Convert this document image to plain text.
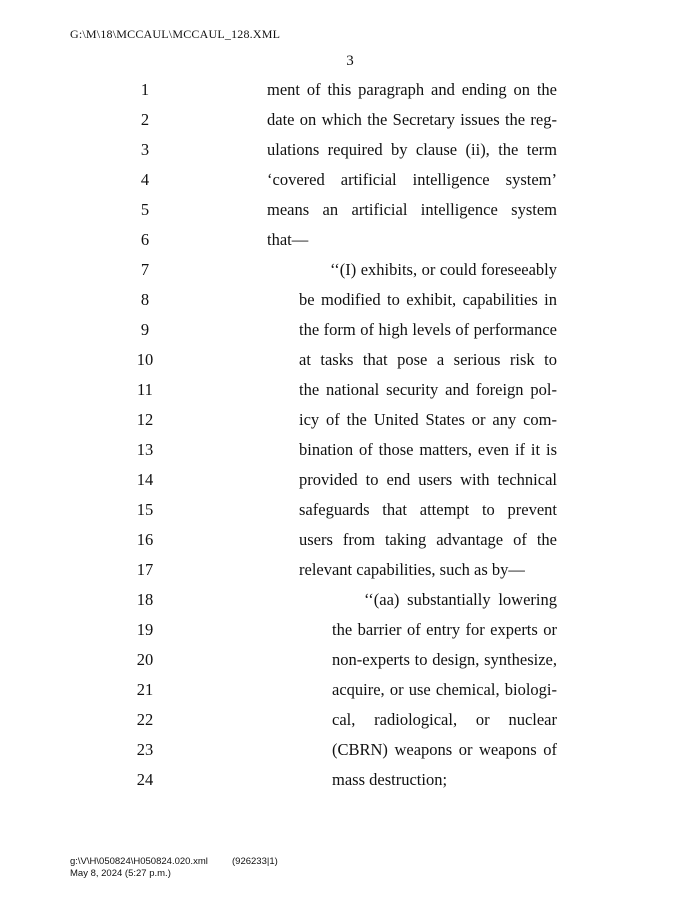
G:\M\18\MCCAUL\MCCAUL_128.XML
3
1	ment of this paragraph and ending on the
2	date on which the Secretary issues the reg-
3	ulations required by clause (ii), the term
4	‘covered artificial intelligence system’
5	means an artificial intelligence system
6	that—
7	‘‘(I) exhibits, or could foreseeably
8	be modified to exhibit, capabilities in
9	the form of high levels of performance
10	at tasks that pose a serious risk to
11	the national security and foreign pol-
12	icy of the United States or any com-
13	bination of those matters, even if it is
14	provided to end users with technical
15	safeguards that attempt to prevent
16	users from taking advantage of the
17	relevant capabilities, such as by—
18	‘‘(aa) substantially lowering
19	the barrier of entry for experts or
20	non-experts to design, synthesize,
21	acquire, or use chemical, biologi-
22	cal, radiological, or nuclear
23	(CBRN) weapons or weapons of
24	mass destruction;
g:\V\H\050824\H050824.020.xml	(926233|1)
May 8, 2024 (5:27 p.m.)
